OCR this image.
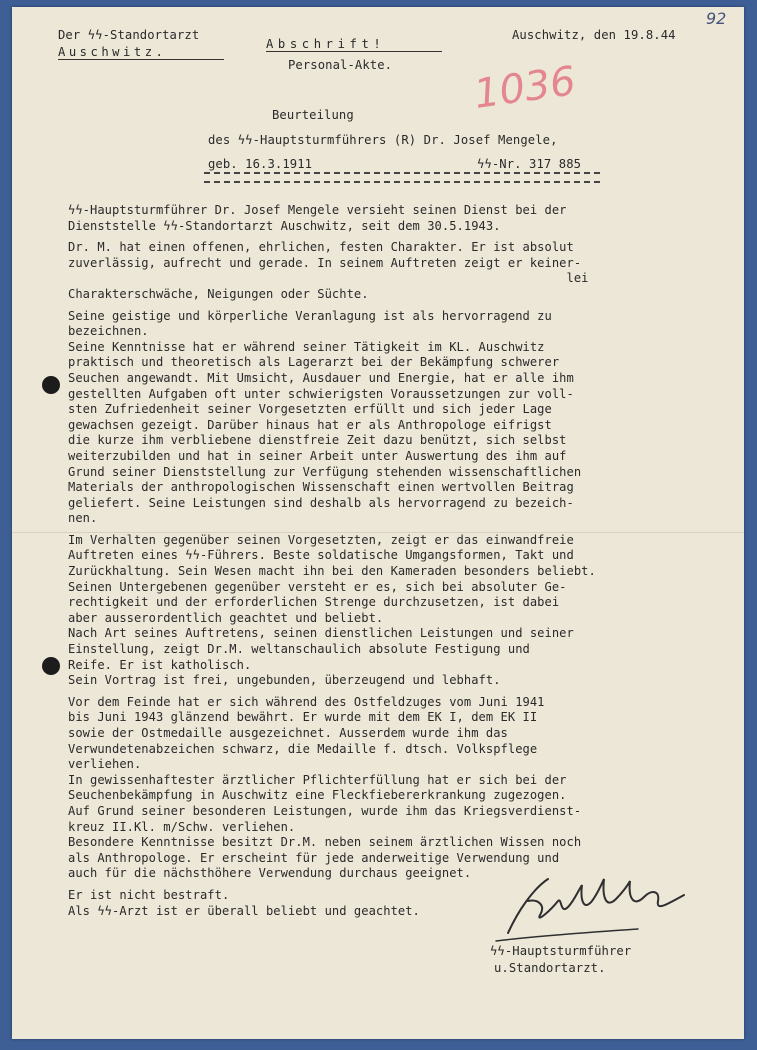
Der ϟϟ-Standortarzt
Auschwitz.
Abschrift!
Personal-Akte.
Auschwitz, den 19.8.44
92
1036
Beurteilung
des ϟϟ-Hauptsturmführers (R) Dr. Josef Mengele,
geb. 16.3.1911	ϟϟ-Nr. 317 885
ϟϟ-Hauptsturmführer Dr. Josef Mengele versieht seinen Dienst bei der
Dienststelle ϟϟ-Standortarzt Auschwitz, seit dem 30.5.1943.
Dr. M. hat einen offenen, ehrlichen, festen Charakter. Er ist absolut
zuverlässig, aufrecht und gerade. In seinem Auftreten zeigt er keiner-
lei
Charakterschwäche, Neigungen oder Süchte.
Seine geistige und körperliche Veranlagung ist als hervorragend zu
bezeichnen.
Seine Kenntnisse hat er während seiner Tätigkeit im KL. Auschwitz
praktisch und theoretisch als Lagerarzt bei der Bekämpfung schwerer
Seuchen angewandt. Mit Umsicht, Ausdauer und Energie, hat er alle ihm
gestellten Aufgaben oft unter schwierigsten Voraussetzungen zur voll-
sten Zufriedenheit seiner Vorgesetzten erfüllt und sich jeder Lage
gewachsen gezeigt. Darüber hinaus hat er als Anthropologe eifrigst
die kurze ihm verbliebene dienstfreie Zeit dazu benützt, sich selbst
weiterzubilden und hat in seiner Arbeit unter Auswertung des ihm auf
Grund seiner Dienststellung zur Verfügung stehenden wissenschaftlichen
Materials der anthropologischen Wissenschaft einen wertvollen Beitrag
geliefert. Seine Leistungen sind deshalb als hervorragend zu bezeich-
nen.
Im Verhalten gegenüber seinen Vorgesetzten, zeigt er das einwandfreie
Auftreten eines ϟϟ-Führers. Beste soldatische Umgangsformen, Takt und
Zurückhaltung. Sein Wesen macht ihn bei den Kameraden besonders beliebt.
Seinen Untergebenen gegenüber versteht er es, sich bei absoluter Ge-
rechtigkeit und der erforderlichen Strenge durchzusetzen, ist dabei
aber ausserordentlich geachtet und beliebt.
Nach Art seines Auftretens, seinen dienstlichen Leistungen und seiner
Einstellung, zeigt Dr.M. weltanschaulich absolute Festigung und
Reife. Er ist katholisch.
Sein Vortrag ist frei, ungebunden, überzeugend und lebhaft.
Vor dem Feinde hat er sich während des Ostfeldzuges vom Juni 1941
bis Juni 1943 glänzend bewährt. Er wurde mit dem EK I, dem EK II
sowie der Ostmedaille ausgezeichnet. Ausserdem wurde ihm das
Verwundetenabzeichen schwarz, die Medaille f. dtsch. Volkspflege
verliehen.
In gewissenhaftester ärztlicher Pflichterfüllung hat er sich bei der
Seuchenbekämpfung in Auschwitz eine Fleckfiebererkrankung zugezogen.
Auf Grund seiner besonderen Leistungen, wurde ihm das Kriegsverdienst-
kreuz II.Kl. m/Schw. verliehen.
Besondere Kenntnisse besitzt Dr.M. neben seinem ärztlichen Wissen noch
als Anthropologe. Er erscheint für jede anderweitige Verwendung und
auch für die nächsthöhere Verwendung durchaus geeignet.
Er ist nicht bestraft.
Als ϟϟ-Arzt ist er überall beliebt und geachtet.
ϟϟ-Hauptsturmführer
u.Standortarzt.
